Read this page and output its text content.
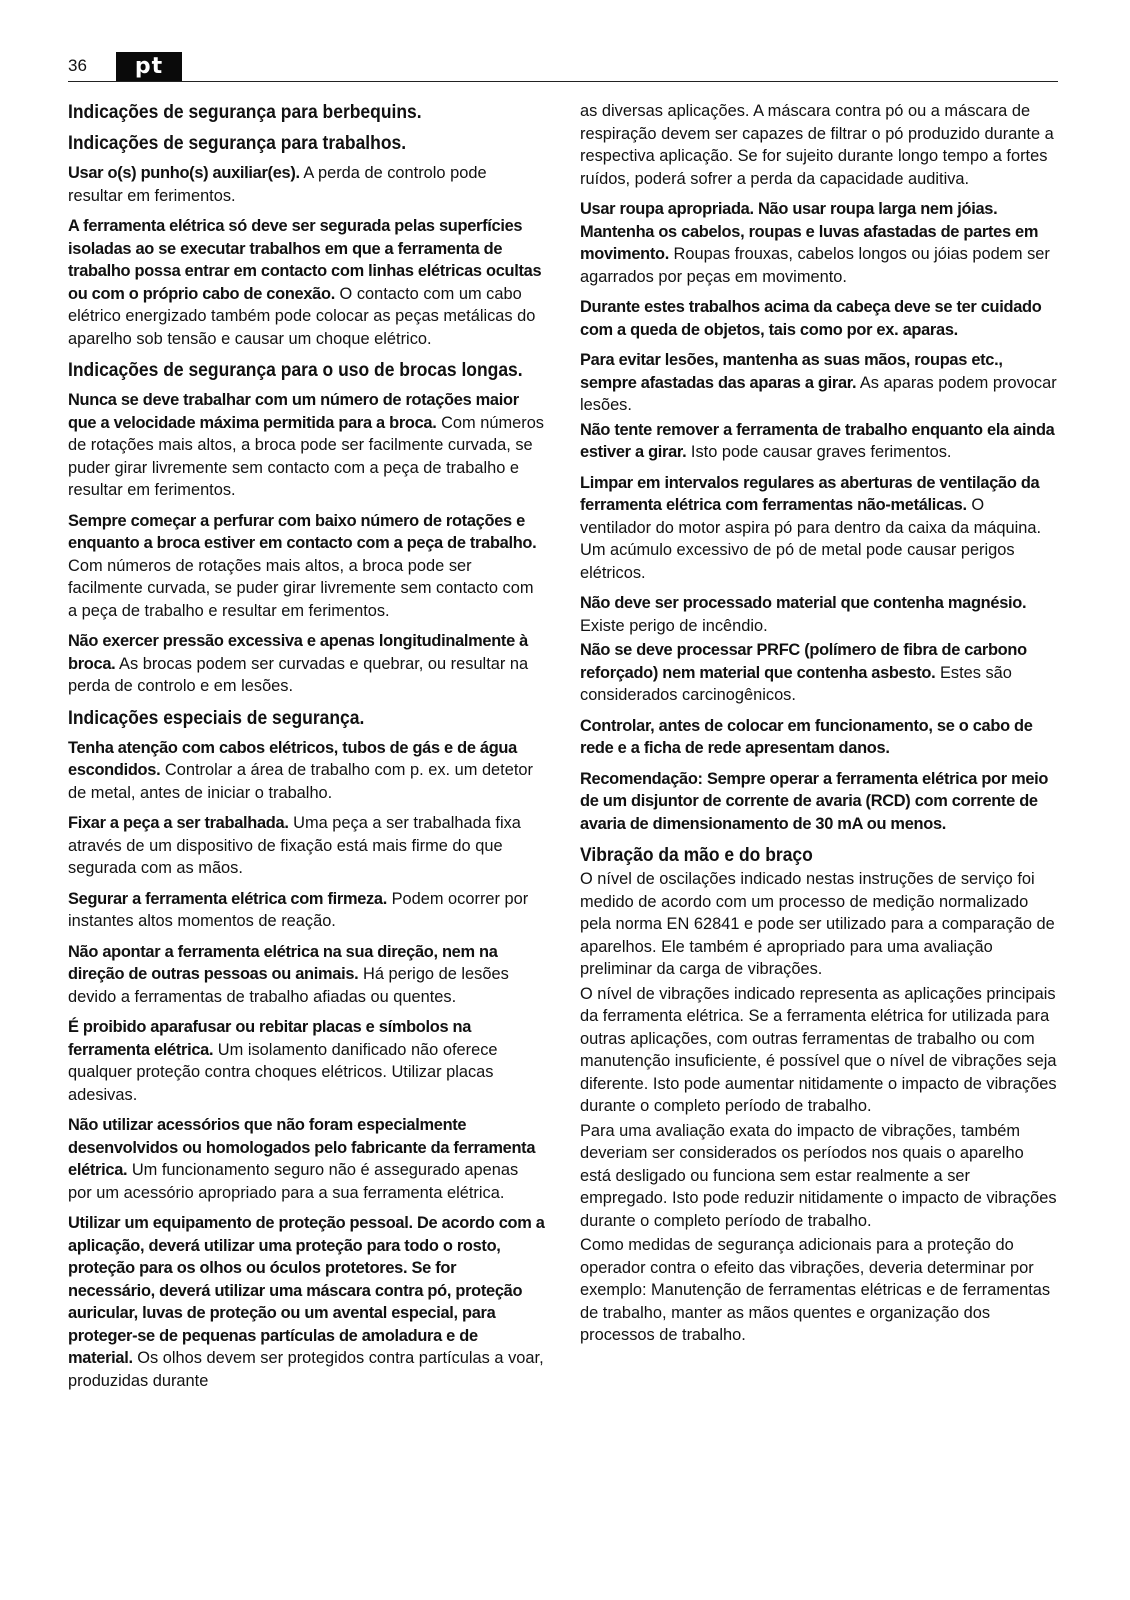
36	pt
Indicações de segurança para berbequins.
Indicações de segurança para trabalhos.

Usar o(s) punho(s) auxiliar(es). A perda de controlo pode resultar em ferimentos.

A ferramenta elétrica só deve ser segurada pelas superfícies isoladas ao se executar trabalhos em que a ferramenta de trabalho possa entrar em contacto com linhas elétricas ocultas ou com o próprio cabo de conexão. O contacto com um cabo elétrico energizado também pode colocar as peças metálicas do aparelho sob tensão e causar um choque elétrico.

Indicações de segurança para o uso de brocas longas.

Nunca se deve trabalhar com um número de rotações maior que a velocidade máxima permitida para a broca. Com números de rotações mais altos, a broca pode ser facilmente curvada, se puder girar livremente sem contacto com a peça de trabalho e resultar em ferimentos.

Sempre começar a perfurar com baixo número de rotações e enquanto a broca estiver em contacto com a peça de trabalho. Com números de rotações mais altos, a broca pode ser facilmente curvada, se puder girar livremente sem contacto com a peça de trabalho e resultar em ferimentos.

Não exercer pressão excessiva e apenas longitudinalmente à broca. As brocas podem ser curvadas e quebrar, ou resultar na perda de controlo e em lesões.

Indicações especiais de segurança.

Tenha atenção com cabos elétricos, tubos de gás e de água escondidos. Controlar a área de trabalho com p. ex. um detetor de metal, antes de iniciar o trabalho.

Fixar a peça a ser trabalhada. Uma peça a ser trabalhada fixa através de um dispositivo de fixação está mais firme do que segurada com as mãos.

Segurar a ferramenta elétrica com firmeza. Podem ocorrer por instantes altos momentos de reação.

Não apontar a ferramenta elétrica na sua direção, nem na direção de outras pessoas ou animais. Há perigo de lesões devido a ferramentas de trabalho afiadas ou quentes.

É proibido aparafusar ou rebitar placas e símbolos na ferramenta elétrica. Um isolamento danificado não oferece qualquer proteção contra choques elétricos. Utilizar placas adesivas.

Não utilizar acessórios que não foram especialmente desenvolvidos ou homologados pelo fabricante da ferramenta elétrica. Um funcionamento seguro não é assegurado apenas por um acessório apropriado para a sua ferramenta elétrica.

Utilizar um equipamento de proteção pessoal. De acordo com a aplicação, deverá utilizar uma proteção para todo o rosto, proteção para os olhos ou óculos protetores. Se for necessário, deverá utilizar uma máscara contra pó, proteção auricular, luvas de proteção ou um avental especial, para proteger-se de pequenas partículas de amoladura e de material. Os olhos devem ser protegidos contra partículas a voar, produzidas durante

as diversas aplicações. A máscara contra pó ou a máscara de respiração devem ser capazes de filtrar o pó produzido durante a respectiva aplicação. Se for sujeito durante longo tempo a fortes ruídos, poderá sofrer a perda da capacidade auditiva.

Usar roupa apropriada. Não usar roupa larga nem jóias. Mantenha os cabelos, roupas e luvas afastadas de partes em movimento. Roupas frouxas, cabelos longos ou jóias podem ser agarrados por peças em movimento.

Durante estes trabalhos acima da cabeça deve se ter cuidado com a queda de objetos, tais como por ex. aparas.

Para evitar lesões, mantenha as suas mãos, roupas etc., sempre afastadas das aparas a girar. As aparas podem provocar lesões.

Não tente remover a ferramenta de trabalho enquanto ela ainda estiver a girar. Isto pode causar graves ferimentos.

Limpar em intervalos regulares as aberturas de ventilação da ferramenta elétrica com ferramentas não-metálicas. O ventilador do motor aspira pó para dentro da caixa da máquina. Um acúmulo excessivo de pó de metal pode causar perigos elétricos.

Não deve ser processado material que contenha magnésio. Existe perigo de incêndio.

Não se deve processar PRFC (polímero de fibra de carbono reforçado) nem material que contenha asbesto. Estes são considerados carcinogênicos.

Controlar, antes de colocar em funcionamento, se o cabo de rede e a ficha de rede apresentam danos.

Recomendação: Sempre operar a ferramenta elétrica por meio de um disjuntor de corrente de avaria (RCD) com corrente de avaria de dimensionamento de 30 mA ou menos.

Vibração da mão e do braço

O nível de oscilações indicado nestas instruções de serviço foi medido de acordo com um processo de medição normalizado pela norma EN 62841 e pode ser utilizado para a comparação de aparelhos. Ele também é apropriado para uma avaliação preliminar da carga de vibrações.

O nível de vibrações indicado representa as aplicações principais da ferramenta elétrica. Se a ferramenta elétrica for utilizada para outras aplicações, com outras ferramentas de trabalho ou com manutenção insuficiente, é possível que o nível de vibrações seja diferente. Isto pode aumentar nitidamente o impacto de vibrações durante o completo período de trabalho.

Para uma avaliação exata do impacto de vibrações, também deveriam ser considerados os períodos nos quais o aparelho está desligado ou funciona sem estar realmente a ser empregado. Isto pode reduzir nitidamente o impacto de vibrações durante o completo período de trabalho.

Como medidas de segurança adicionais para a proteção do operador contra o efeito das vibrações, deveria determinar por exemplo: Manutenção de ferramentas elétricas e de ferramentas de trabalho, manter as mãos quentes e organização dos processos de trabalho.
